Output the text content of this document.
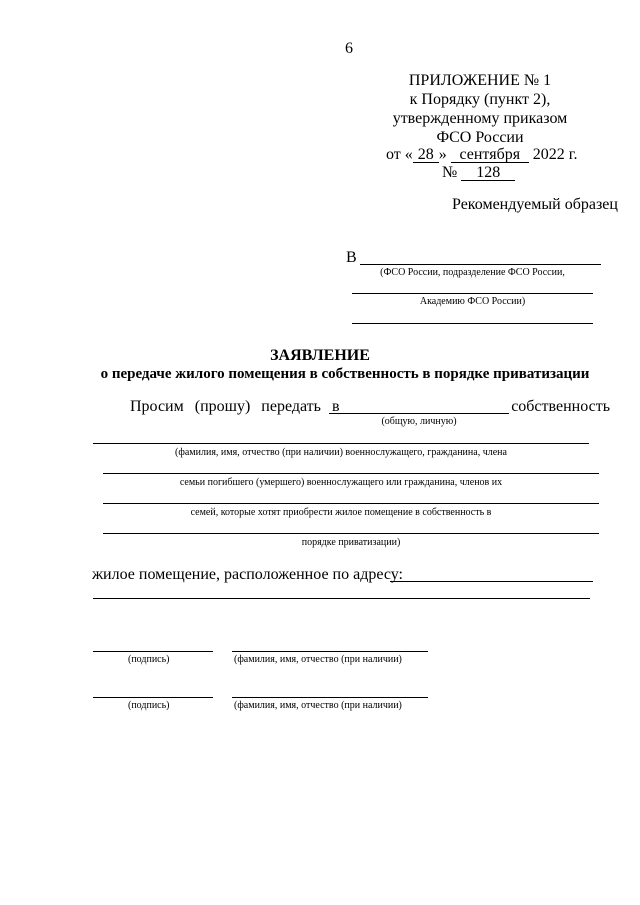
6
ПРИЛОЖЕНИЕ № 1
к Порядку (пункт 2),
утвержденному приказом
ФСО России
от « 28 » сентября 2022 г.
№ 128
Рекомендуемый образец
В
(ФСО России, подразделение ФСО России,
Академию ФСО России)
ЗАЯВЛЕНИЕ
о передаче жилого помещения в собственность в порядке приватизации
Просим (прошу) передать в	собственность
(общую, личную)
(фамилия, имя, отчество (при наличии) военнослужащего, гражданина, члена
семьи погибшего (умершего) военнослужащего или гражданина, членов их
семей, которые хотят приобрести жилое помещение в собственность в
порядке приватизации)
жилое помещение, расположенное по адресу:
(подпись)	(фамилия, имя, отчество (при наличии)
(подпись)	(фамилия, имя, отчество (при наличии)
